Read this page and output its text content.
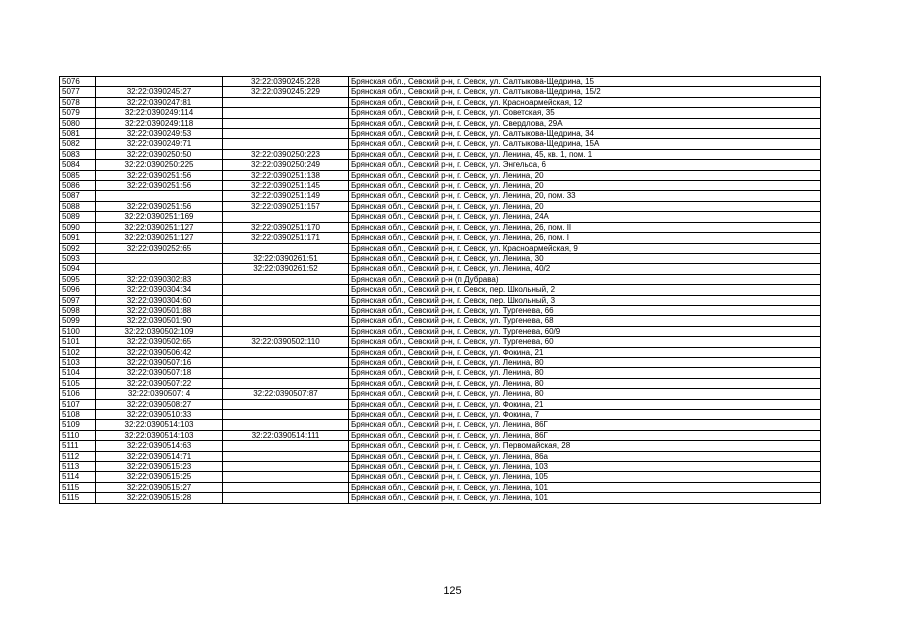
5076		32:22:0390245:228	Брянская обл., Севский р-н, г. Севск, ул. Салтыкова-Щедрина, 15
5077	32:22:0390245:27	32:22:0390245:229	Брянская обл., Севский р-н, г. Севск, ул. Салтыкова-Щедрина, 15/2
5078	32:22:0390247:81		Брянская обл., Севский р-н, г. Севск, ул. Красноармейская, 12
5079	32:22:0390249:114		Брянская обл., Севский р-н, г. Севск, ул. Советская, 35
5080	32:22:0390249:118		Брянская обл., Севский р-н, г. Севск, ул. Свердлова, 29А
5081	32:22:0390249:53		Брянская обл., Севский р-н, г. Севск, ул. Салтыкова-Щедрина, 34
5082	32:22:0390249:71		Брянская обл., Севский р-н, г. Севск, ул. Салтыкова-Щедрина, 15А
5083	32:22:0390250:50	32:22:0390250:223	Брянская обл., Севский р-н, г. Севск, ул. Ленина, 45, кв. 1, пом. 1
5084	32:22:0390250:225	32:22:0390250:249	Брянская обл., Севский р-н, г. Севск, ул. Энгельса, 6
5085	32:22:0390251:56	32:22:0390251:138	Брянская обл., Севский р-н, г. Севск, ул. Ленина, 20
5086	32:22:0390251:56	32:22:0390251:145	Брянская обл., Севский р-н, г. Севск, ул. Ленина, 20
5087		32:22:0390251:149	Брянская обл., Севский р-н, г. Севск, ул. Ленина, 20, пом. 33
5088	32:22:0390251:56	32:22:0390251:157	Брянская обл., Севский р-н, г. Севск, ул. Ленина, 20
5089	32:22:0390251:169		Брянская обл., Севский р-н, г. Севск, ул. Ленина, 24А
5090	32:22:0390251:127	32:22:0390251:170	Брянская обл., Севский р-н, г. Севск, ул. Ленина, 26, пом. II
5091	32:22:0390251:127	32:22:0390251:171	Брянская обл., Севский р-н, г. Севск, ул. Ленина, 26, пом. I
5092	32:22:0390252:65		Брянская обл., Севский р-н, г. Севск, ул. Красноармейская, 9
5093		32:22:0390261:51	Брянская обл., Севский р-н, г. Севск, ул. Ленина, 30
5094		32:22:0390261:52	Брянская обл., Севский р-н, г. Севск, ул. Ленина, 40/2
5095	32:22:0390302:83		Брянская обл., Севский р-н (п Дубрава)
5096	32:22:0390304:34		Брянская обл., Севский р-н, г. Севск, пер. Школьный, 2
5097	32:22:0390304:60		Брянская обл., Севский р-н, г. Севск, пер. Школьный, 3
5098	32:22:0390501:88		Брянская обл., Севский р-н, г. Севск, ул. Тургенева, 66
5099	32:22:0390501:90		Брянская обл., Севский р-н, г. Севск, ул. Тургенева, 68
5100	32:22:0390502:109		Брянская обл., Севский р-н, г. Севск, ул. Тургенева, 60/9
5101	32:22:0390502:65	32:22:0390502:110	Брянская обл., Севский р-н, г. Севск, ул. Тургенева, 60
5102	32:22:0390506:42		Брянская обл., Севский р-н, г. Севск, ул. Фокина, 21
5103	32:22:0390507:16		Брянская обл., Севский р-н, г. Севск, ул. Ленина, 80
5104	32:22:0390507:18		Брянская обл., Севский р-н, г. Севск, ул. Ленина, 80
5105	32:22:0390507:22		Брянская обл., Севский р-н, г. Севск, ул. Ленина, 80
5106	32:22:0390507: 4	32:22:0390507:87	Брянская обл., Севский р-н, г. Севск, ул. Ленина, 80
5107	32:22:0390508:27		Брянская обл., Севский р-н, г. Севск, ул. Фокина, 21
5108	32:22:0390510:33		Брянская обл., Севский р-н, г. Севск, ул. Фокина, 7
5109	32:22:0390514:103		Брянская обл., Севский р-н, г. Севск, ул. Ленина, 86Г
5110	32:22:0390514:103	32:22:0390514:111	Брянская обл., Севский р-н, г. Севск, ул. Ленина, 86Г
5111	32:22:0390514:63		Брянская обл., Севский р-н, г. Севск, ул. Первомайская, 28
5112	32:22:0390514:71		Брянская обл., Севский р-н, г. Севск, ул. Ленина, 86а
5113	32:22:0390515:23		Брянская обл., Севский р-н, г. Севск, ул. Ленина, 103
5114	32:22:0390515:25		Брянская обл., Севский р-н, г. Севск, ул. Ленина, 105
5115	32:22:0390515:27		Брянская обл., Севский р-н, г. Севск, ул. Ленина, 101
5115	32:22:0390515:28		Брянская обл., Севский р-н, г. Севск, ул. Ленина, 101
125
